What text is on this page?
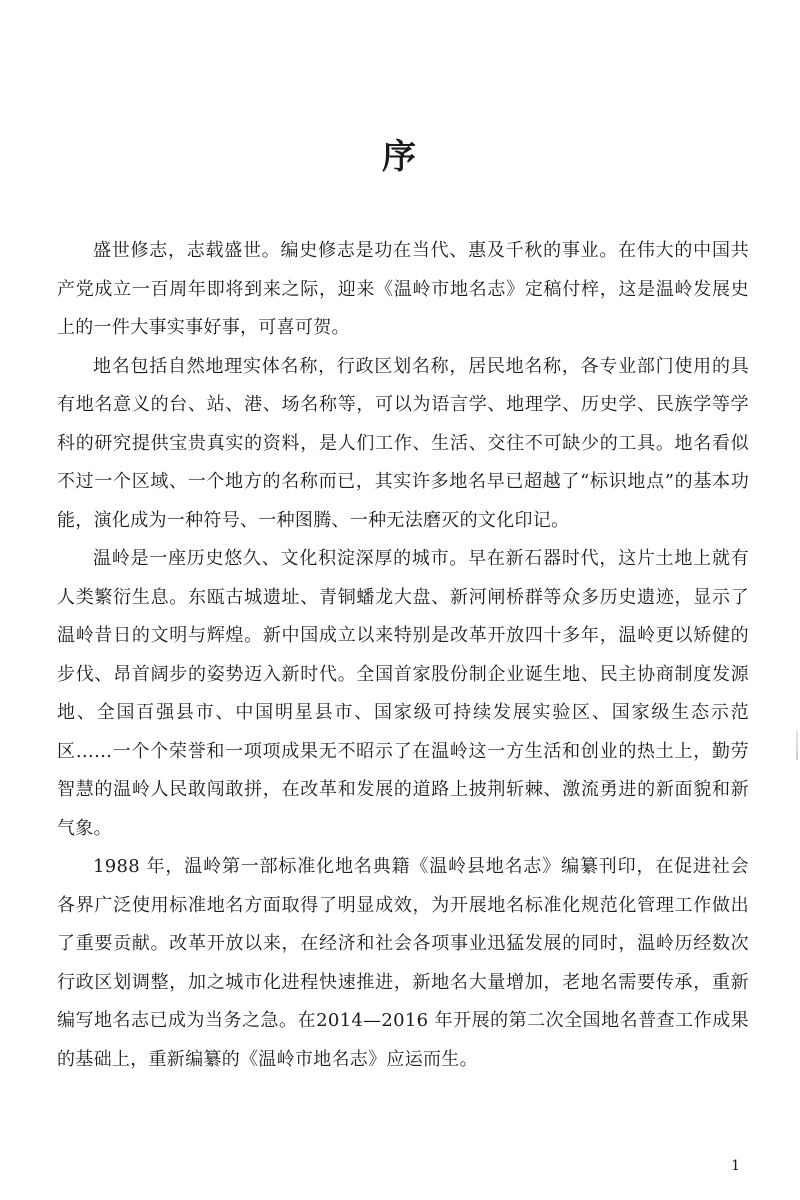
序

盛世修志，志载盛世。编史修志是功在当代、惠及千秋的事业。在伟大的中国共产党成立一百周年即将到来之际，迎来《温岭市地名志》定稿付梓，这是温岭发展史上的一件大事实事好事，可喜可贺。

地名包括自然地理实体名称，行政区划名称，居民地名称，各专业部门使用的具有地名意义的台、站、港、场名称等，可以为语言学、地理学、历史学、民族学等学科的研究提供宝贵真实的资料，是人们工作、生活、交往不可缺少的工具。地名看似不过一个区域、一个地方的名称而已，其实许多地名早已超越了“标识地点”的基本功能，演化成为一种符号、一种图腾、一种无法磨灭的文化印记。

温岭是一座历史悠久、文化积淀深厚的城市。早在新石器时代，这片土地上就有人类繁衍生息。东瓯古城遗址、青铜蟠龙大盘、新河闸桥群等众多历史遗迹，显示了温岭昔日的文明与辉煌。新中国成立以来特别是改革开放四十多年，温岭更以矫健的步伐、昂首阔步的姿势迈入新时代。全国首家股份制企业诞生地、民主协商制度发源地、全国百强县市、中国明星县市、国家级可持续发展实验区、国家级生态示范区……一个个荣誉和一项项成果无不昭示了在温岭这一方生活和创业的热土上，勤劳智慧的温岭人民敢闯敢拼，在改革和发展的道路上披荆斩棘、激流勇进的新面貌和新气象。

1988 年，温岭第一部标准化地名典籍《温岭县地名志》编纂刊印，在促进社会各界广泛使用标准地名方面取得了明显成效，为开展地名标准化规范化管理工作做出了重要贡献。改革开放以来，在经济和社会各项事业迅猛发展的同时，温岭历经数次行政区划调整，加之城市化进程快速推进，新地名大量增加，老地名需要传承，重新编写地名志已成为当务之急。在2014—2016 年开展的第二次全国地名普查工作成果的基础上，重新编纂的《温岭市地名志》应运而生。

1
